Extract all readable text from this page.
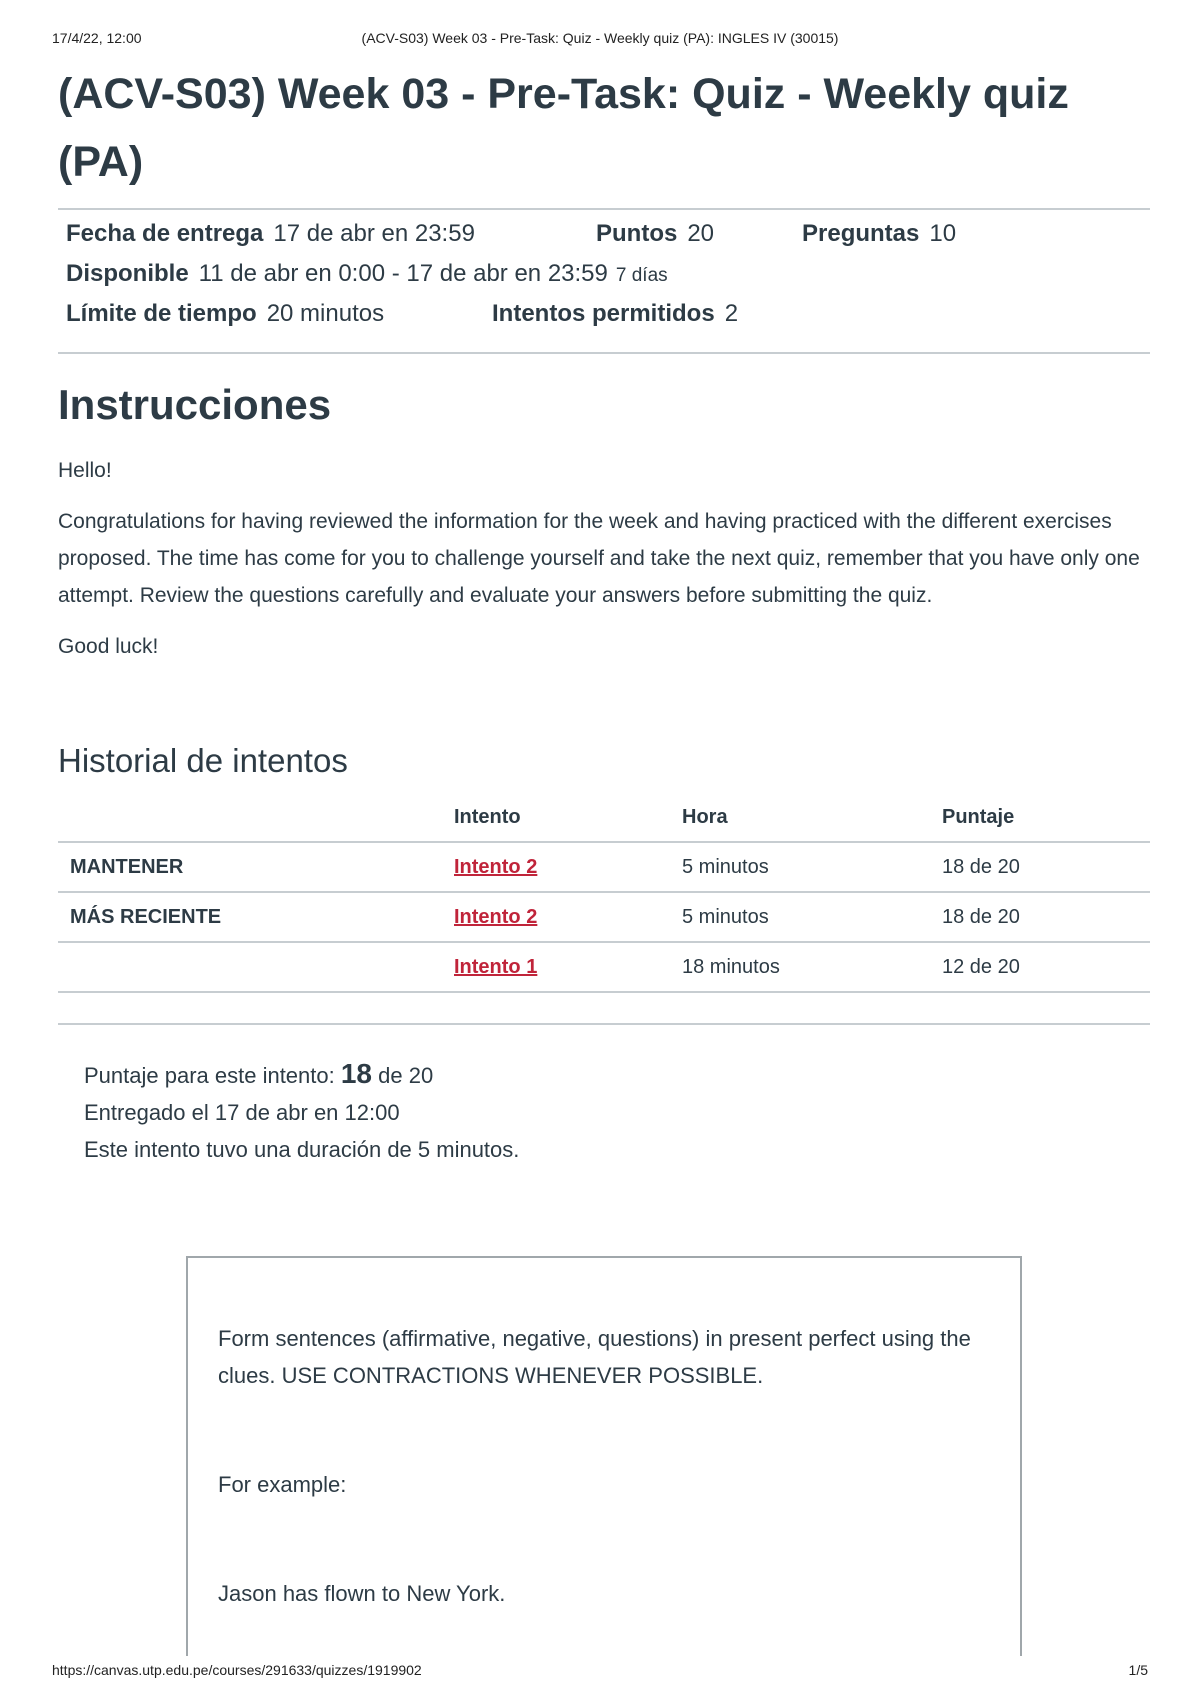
17/4/22, 12:00	(ACV-S03) Week 03 - Pre-Task: Quiz - Weekly quiz (PA): INGLES IV (30015)
(ACV-S03) Week 03 - Pre-Task: Quiz - Weekly quiz (PA)
Fecha de entrega 17 de abr en 23:59	Puntos 20	Preguntas 10
Disponible 11 de abr en 0:00 - 17 de abr en 23:59 7 días
Límite de tiempo 20 minutos	Intentos permitidos 2
Instrucciones

Hello!

Congratulations for having reviewed the information for the week and having practiced with the different exercises proposed. The time has come for you to challenge yourself and take the next quiz, remember that you have only one attempt. Review the questions carefully and evaluate your answers before submitting the quiz.

Good luck!

Historial de intentos
	Intento	Hora	Puntaje
MANTENER	Intento 2	5 minutos	18 de 20
MÁS RECIENTE	Intento 2	5 minutos	18 de 20
	Intento 1	18 minutos	12 de 20
Puntaje para este intento: 18 de 20
Entregado el 17 de abr en 12:00
Este intento tuvo una duración de 5 minutos.

Form sentences (affirmative, negative, questions) in present perfect using the clues. USE CONTRACTIONS WHENEVER POSSIBLE.

For example:

Jason has flown to New York.

https://canvas.utp.edu.pe/courses/291633/quizzes/1919902	1/5
